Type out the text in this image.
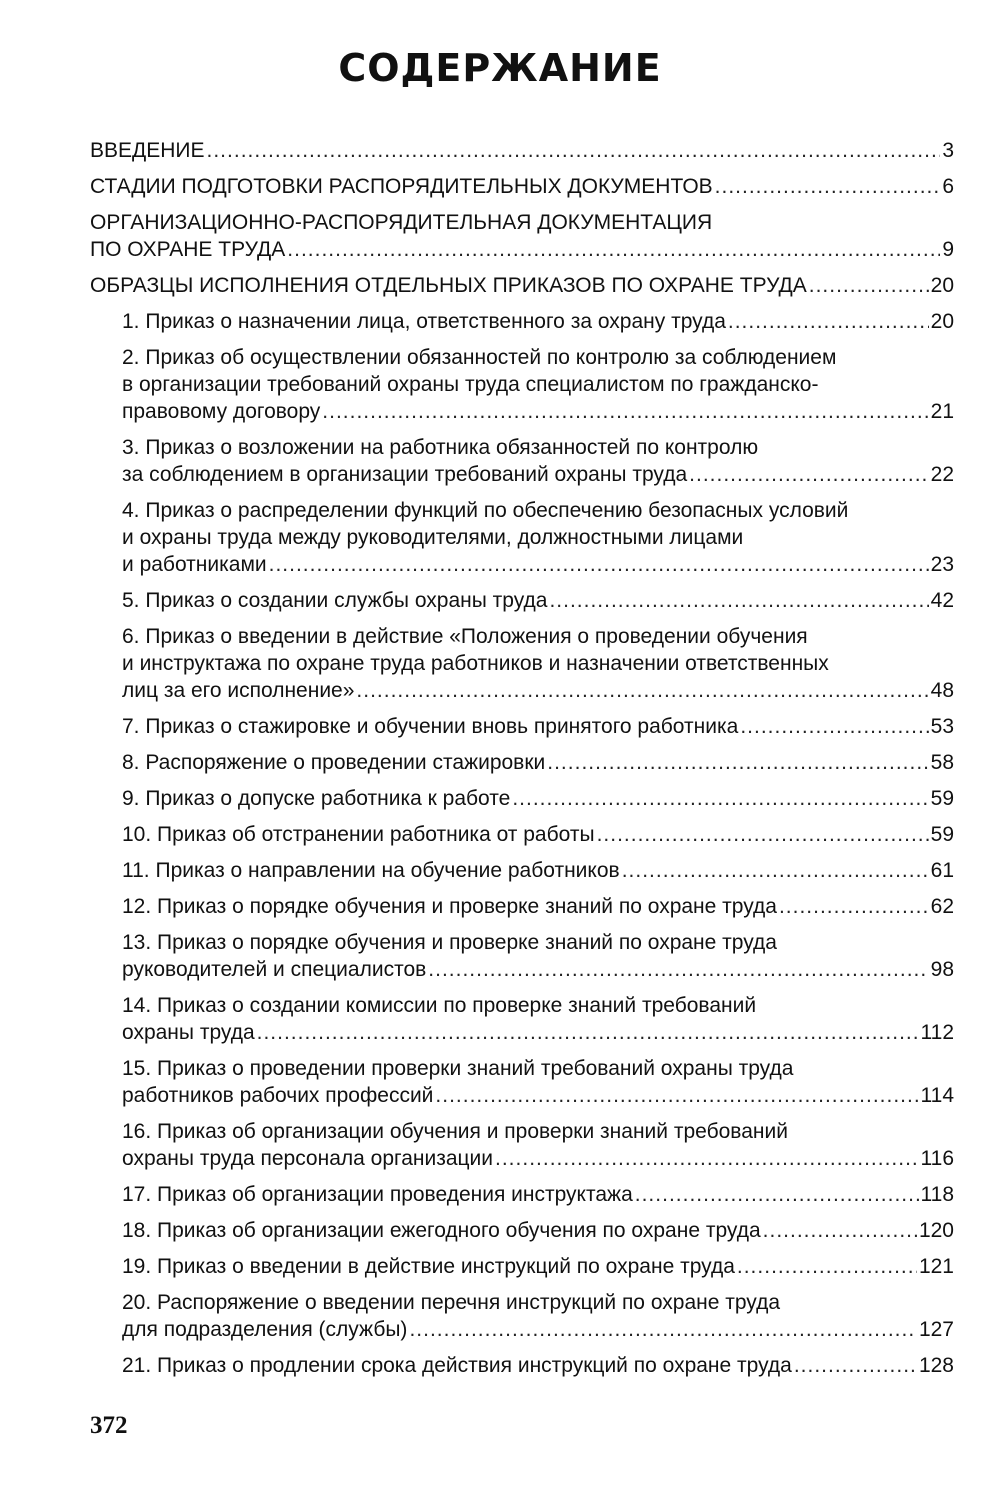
СОДЕРЖАНИЕ
ВВЕДЕНИЕ .....	3
СТАДИИ ПОДГОТОВКИ РАСПОРЯДИТЕЛЬНЫХ ДОКУМЕНТОВ .....	6
ОРГАНИЗАЦИОННО-РАСПОРЯДИТЕЛЬНАЯ ДОКУМЕНТАЦИЯ
ПО ОХРАНЕ ТРУДА .....	9
ОБРАЗЦЫ ИСПОЛНЕНИЯ ОТДЕЛЬНЫХ ПРИКАЗОВ ПО ОХРАНЕ ТРУДА .....	20
1. Приказ о назначении лица, ответственного за охрану труда .....	20
2. Приказ об осуществлении обязанностей по контролю за соблюдением
в организации требований охраны труда специалистом по гражданско-
правовому договору .....	21
3. Приказ о возложении на работника обязанностей по контролю
за соблюдением в организации требований охраны труда .....	22
4. Приказ о распределении функций по обеспечению безопасных условий
и охраны труда между руководителями, должностными лицами
и работниками .....	23
5. Приказ о создании службы охраны труда .....	42
6. Приказ о введении в действие «Положения о проведении обучения
и инструктажа по охране труда работников и назначении ответственных
лиц за его исполнение» .....	48
7. Приказ о стажировке и обучении вновь принятого работника .....	53
8. Распоряжение о проведении стажировки .....	58
9. Приказ о допуске работника к работе .....	59
10. Приказ об отстранении работника от работы .....	59
11. Приказ о направлении на обучение работников .....	61
12. Приказ о порядке обучения и проверке знаний по охране труда .....	62
13. Приказ о порядке обучения и проверке знаний по охране труда
руководителей и специалистов .....	98
14. Приказ о создании комиссии по проверке знаний требований
охраны труда .....	112
15. Приказ о проведении проверки знаний требований охраны труда
работников рабочих профессий .....	114
16. Приказ об организации обучения и проверки знаний требований
охраны труда персонала организации .....	116
17. Приказ об организации проведения инструктажа .....	118
18. Приказ об организации ежегодного обучения по охране труда .....	120
19. Приказ о введении в действие инструкций по охране труда .....	121
20. Распоряжение о введении перечня инструкций по охране труда
для подразделения (службы) .....	127
21. Приказ о продлении срока действия инструкций по охране труда .....	128
372
